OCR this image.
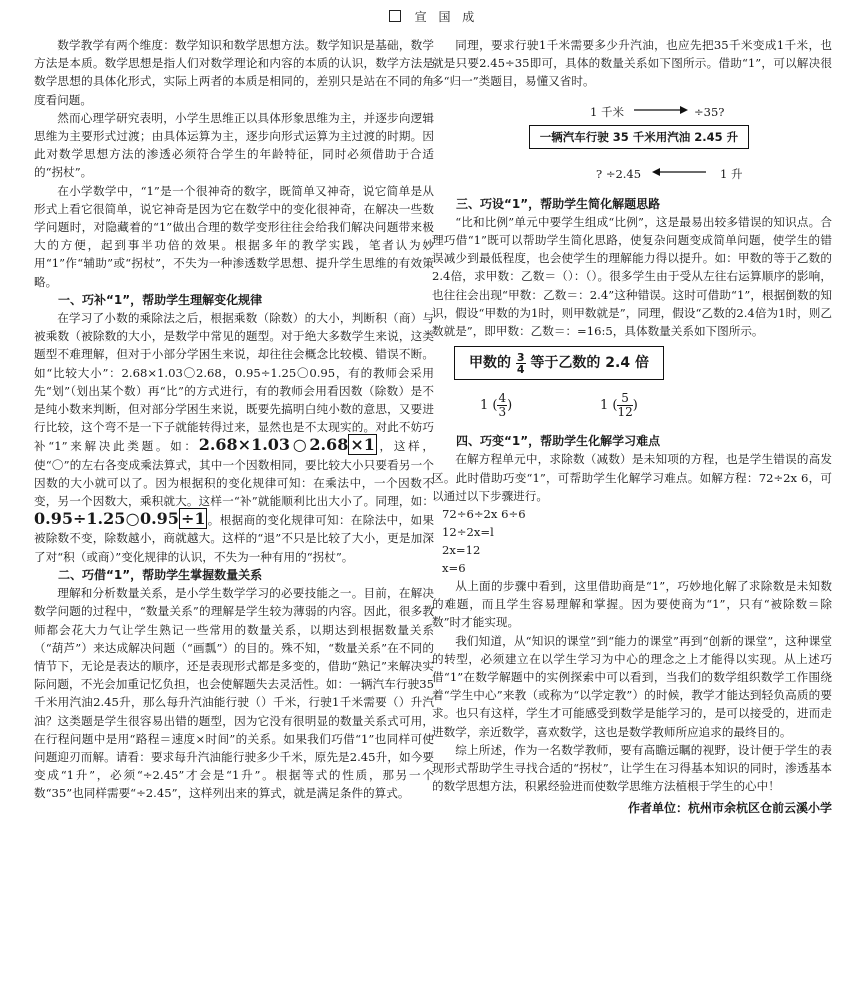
宣 国 成

数学教学有两个维度：数学知识和数学思想方法。数学知识是基础，数学方法是本质。数学思想是指人们对数学理论和内容的本质的认识，数学方法是数学思想的具体化形式，实际上两者的本质是相同的，差别只是站在不同的角度看问题。

然而心理学研究表明，小学生思维正以具体形象思维为主，并逐步向逻辑思维为主要形式过渡；由具体运算为主，逐步向形式运算为主过渡的时期。因此对数学思想方法的渗透必须符合学生的年龄特征，同时必须借助于合适的“拐杖”。

在小学数学中，“1”是一个很神奇的数字，既简单又神奇，说它简单是从形式上看它很简单，说它神奇是因为它在数学中的变化很神奇，在解决一些数学问题时，对隐藏着的“1”做出合理的数学变形往往会给我们解决问题带来极大的方便，起到事半功倍的效果。根据多年的教学实践，笔者认为妙用“1”作“辅助”或“拐杖”，不失为一种渗透数学思想、提升学生思维的有效策略。

一、巧补“1”，帮助学生理解变化规律

在学习了小数的乘除法之后，根据乘数（除数）的大小，判断积（商）与被乘数（被除数的大小，是数学中常见的题型。对于绝大多数学生来说，这类题型不难理解，但对于小部分学困生来说，却往往会概念比较模、错误不断。如“比较大小”：2.68×1.03〇2.68，0.95÷1.25〇0.95，有的教师会采用先“划”（划出某个数）再“比”的方式进行，有的教师会用看因数（除数）是不是纯小数来判断，但对部分学困生来说，既要先搞明白纯小数的意思，又要进行比较，这个弯不是一下子就能转得过来，显然也是不太现实的。对此不妨巧补“1”来解决此类题。如：2.68×1.03○2.68 ×1 ，这样，使“〇”的左右各变成乘法算式，其中一个因数相同，要比较大小只要看另一个因数的大小就可以了。因为根据积的变化规律可知：在乘法中，一个因数不变，另一个因数大，乘积就大。这样一“补”就能顺利比出大小了。同理，如：0.95÷1.25○0.95 ÷1 。根据商的变化规律可知：在除法中，如果被除数不变，除数越小，商就越大。这样的“退”不只是比较了大小，更是加深了对“积（或商）”变化规律的认识，不失为一种有用的“拐杖”。

二、巧借“1”，帮助学生掌握数量关系

理解和分析数量关系，是小学生数学学习的必要技能之一。目前，在解决数学问题的过程中，“数量关系”的理解是学生较为薄弱的内容。因此，很多教师都会花大力气让学生熟记一些常用的数量关系，以期达到根据数量关系（“葫芦”）来达成解决问题（“画瓢”）的目的。殊不知，“数量关系”在不同的情节下，无论是表达的顺序，还是表现形式都是多变的，借助“熟记”来解决实际问题，不光会加重记忆负担，也会使解题失去灵活性。如：一辆汽车行驶35千米用汽油2.45升，那么每升汽油能行驶（）千米，行驶1千米需要（）升汽油？这类题是学生很容易出错的题型，因为它没有很明显的数量关系式可用，在行程问题中是用“路程＝速度×时间”的关系。如果我们巧借“1”也同样可使问题迎刃而解。请看：要求每升汽油能行驶多少千米，原先是2.45升，如今要变成“1升”，必须“÷2.45”才会是“1升”。根据等式的性质，那另一个数“35”也同样需要“÷2.45”，这样列出来的算式，就是满足条件的算式。

同理，要求行驶1千米需要多少升汽油，也应先把35千米变成1千米，也就是只要2.45÷35即可，具体的数量关系如下图所示。借助“1”，可以解决很多“归一”类题目，易懂又省时。

1 千米	÷35?
一辆汽车行驶 35 千米用汽油 2.45 升
? ÷2.45	1 升
三、巧设“1”，帮助学生简化解题思路

“比和比例”单元中要学生组成“比例”，这是最易出较多错误的知识点。合理巧借“1”既可以帮助学生简化思路，使复杂问题变成简单问题，使学生的错误减少到最低程度，也会使学生的理解能力得以提升。如：甲数的等于乙数的2.4倍，求甲数：乙数＝（）：（）。很多学生由于受从左往右运算顺序的影响，也往往会出现“甲数：乙数＝：2.4”这种错误。这时可借助“1”，根据倒数的知识，假设“甲数的为1时，则甲数就是”，同理，假设“乙数的2.4倍为1时，则乙数就是”，即甲数：乙数＝：=16:5，具体数量关系如下图所示。

甲数的 $\frac{3}{4}$ 等于乙数的 2.4 倍
1 ( $\frac{4}{3}$ )	1 ( $\frac{5}{12}$ )
四、巧变“1”，帮助学生化解学习难点

在解方程单元中，求除数（减数）是未知项的方程，也是学生错误的高发区。此时借助巧变“1”，可帮助学生化解学习难点。如解方程：72÷2x 6，可以通过以下步骤进行。

72÷6÷2x 6÷6

12÷2x=l

2x=12

x=6

从上面的步骤中看到，这里借助商是“1”，巧妙地化解了求除数是未知数的难题，而且学生容易理解和掌握。因为要使商为“1”，只有“被除数＝除数”时才能实现。

我们知道，从“知识的课堂”到“能力的课堂”再到“创新的课堂”，这种课堂的转型，必须建立在以学生学习为中心的理念之上才能得以实现。从上述巧借“1”在数学解题中的实例探索中可以看到，当我们的数学组织数学工作围绕着“学生中心”来教（或称为“以学定教”）的时候，教学才能达到轻负高质的要求。也只有这样，学生才可能感受到数学是能学习的，是可以接受的，进而走进数学，亲近数学，喜欢数学，这也是数学教师所应追求的最终目的。

综上所述，作为一名数学教师，要有高瞻远瞩的视野，设计便于学生的表现形式帮助学生寻找合适的“拐杖”，让学生在习得基本知识的同时，渗透基本的数学思想方法，积累经验进而使数学思维方法植根于学生的心中！

作者单位：杭州市余杭区仓前云溪小学
